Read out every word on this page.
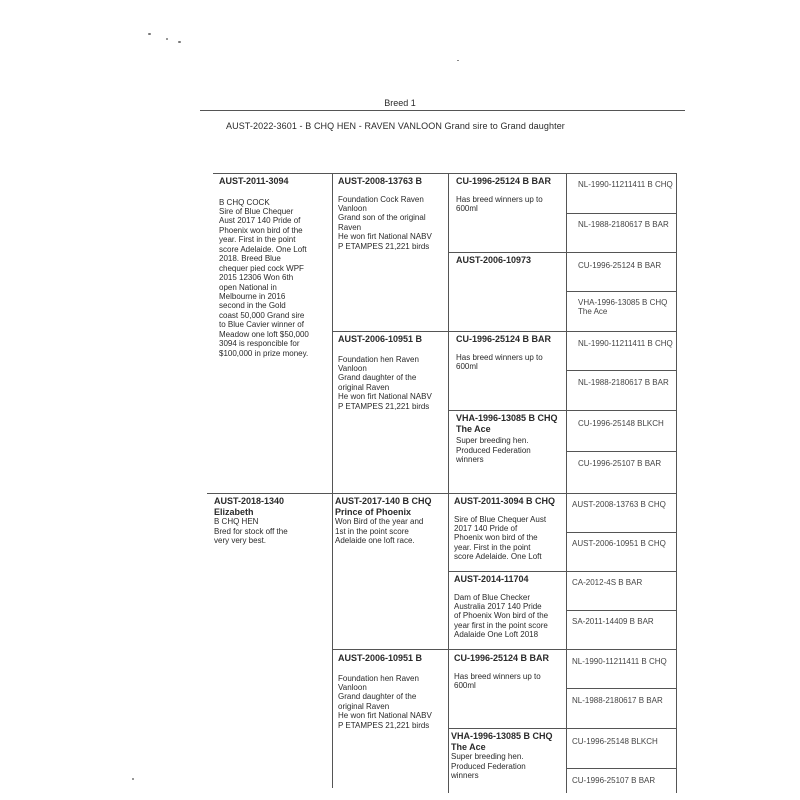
Breed 1
AUST-2022-3601 - B CHQ HEN - RAVEN VANLOON Grand sire to Grand daughter
AUST-2011-3094
B CHQ COCK
Sire of Blue Chequer
Aust 2017 140 Pride of
Phoenix won bird of the
year. First in the point
score Adelaide. One Loft
2018. Breed Blue
chequer pied cock WPF
2015 12306 Won 6th
open National in
Melbourne in 2016
second in the Gold
coast 50,000 Grand sire
to Blue Cavier winner of
Meadow one loft $50,000
3094 is responcible for
$100,000 in prize money.
AUST-2008-13763 B
Foundation Cock Raven
Vanloon
Grand son of the original
Raven
He won firt National NABV
P ETAMPES 21,221 birds
AUST-2006-10951 B
Foundation hen Raven
Vanloon
Grand daughter of the
original Raven
He won firt National NABV
P ETAMPES 21,221 birds
CU-1996-25124 B BAR
Has breed winners up to
600ml
AUST-2006-10973
CU-1996-25124 B BAR
Has breed winners up to
600ml
VHA-1996-13085 B CHQ
The Ace
Super breeding hen.
Produced Federation
winners
NL-1990-11211411 B CHQ
NL-1988-2180617 B BAR
CU-1996-25124 B BAR
VHA-1996-13085 B CHQ
The Ace
NL-1990-11211411 B CHQ
NL-1988-2180617 B BAR
CU-1996-25148 BLKCH
CU-1996-25107 B BAR
AUST-2018-1340
Elizabeth
B CHQ HEN
Bred for stock off the
very very best.
AUST-2017-140 B CHQ
Prince of Phoenix
Won Bird of the year and
1st in the point score
Adelaide one loft race.
AUST-2006-10951 B
Foundation hen Raven
Vanloon
Grand daughter of the
original Raven
He won firt National NABV
P ETAMPES 21,221 birds
AUST-2011-3094 B CHQ
Sire of Blue Chequer Aust
2017 140 Pride of
Phoenix won bird of the
year. First in the point
score Adelaide. One Loft
AUST-2014-11704
Dam of Blue Checker
Australia 2017 140 Pride
of Phoenix Won bird of the
year first in the point score
Adalaide One Loft 2018
CU-1996-25124 B BAR
Has breed winners up to
600ml
VHA-1996-13085 B CHQ
The Ace
Super breeding hen.
Produced Federation
winners
AUST-2008-13763 B CHQ
AUST-2006-10951 B CHQ
CA-2012-4S B BAR
SA-2011-14409 B BAR
NL-1990-11211411 B CHQ
NL-1988-2180617 B BAR
CU-1996-25148 BLKCH
CU-1996-25107 B BAR
